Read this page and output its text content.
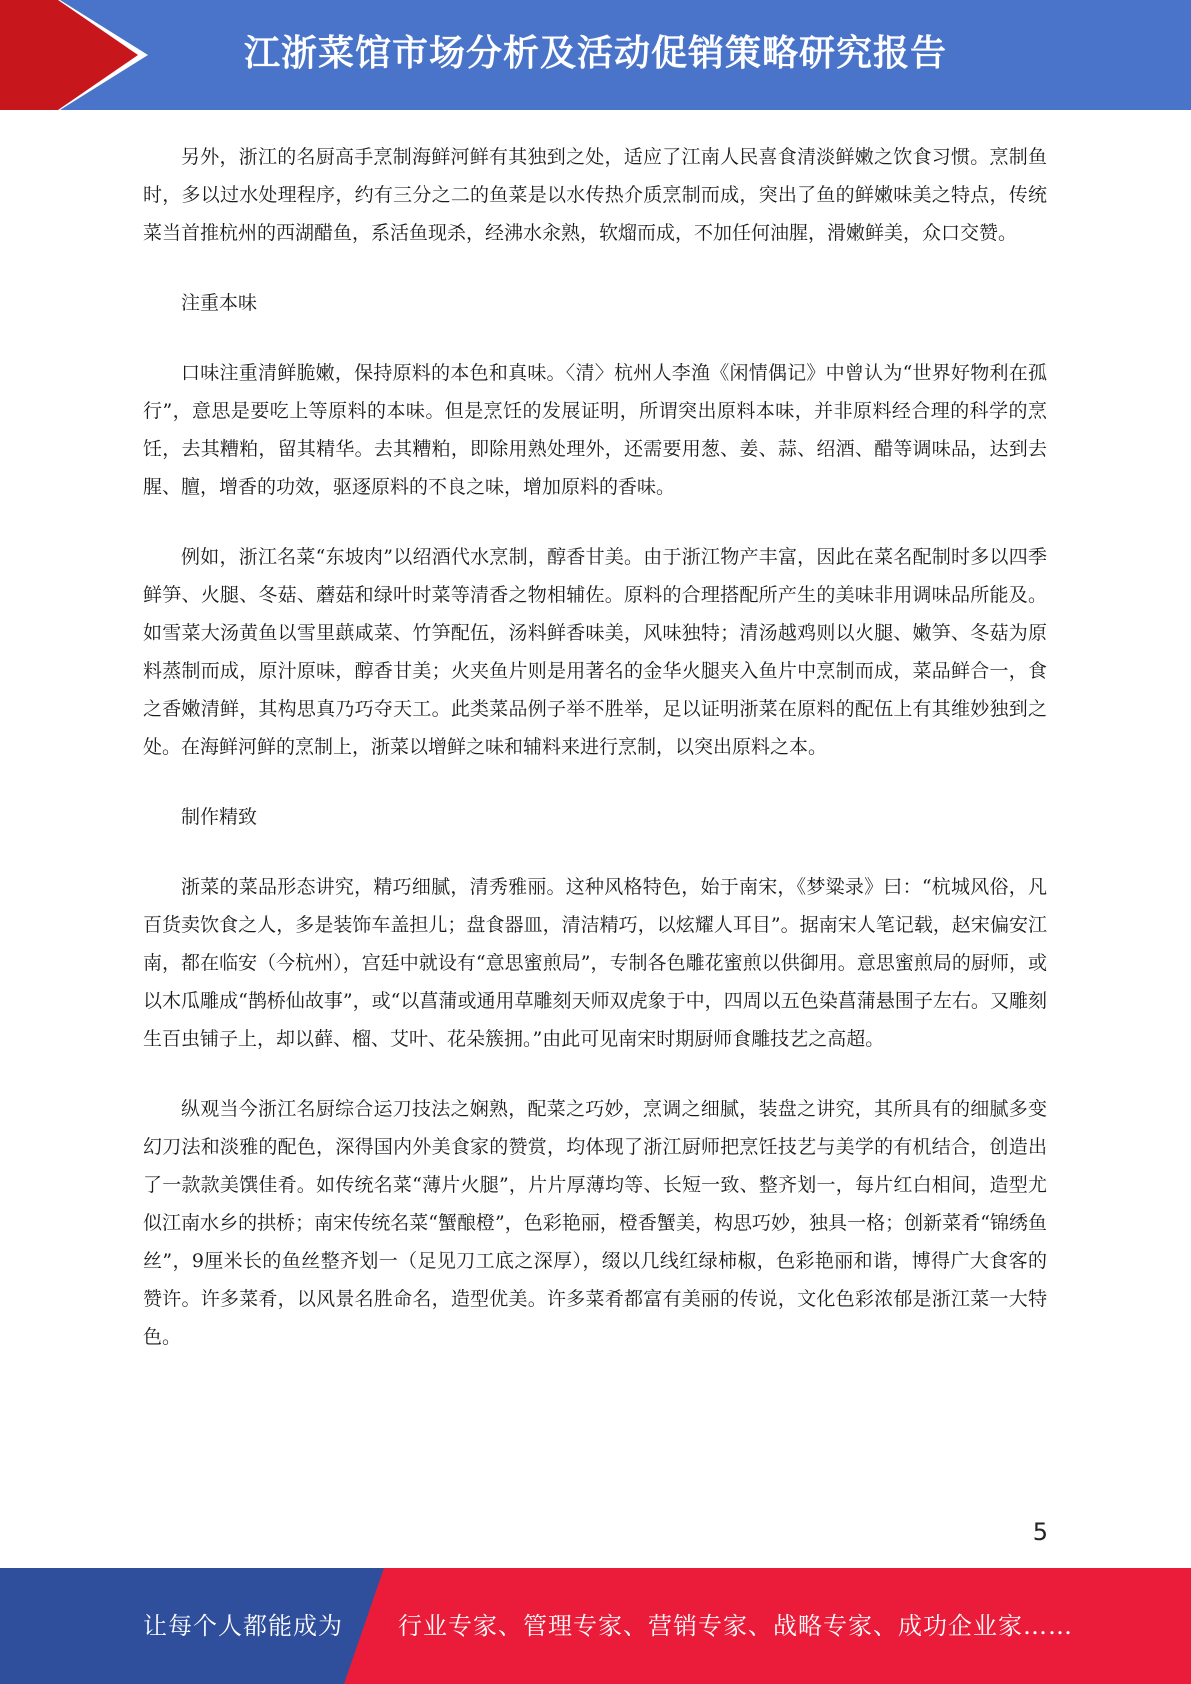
江浙菜馆市场分析及活动促销策略研究报告

另外，浙江的名厨高手烹制海鲜河鲜有其独到之处，适应了江南人民喜食清淡鲜嫩之饮食习惯。烹制鱼时，多以过水处理程序，约有三分之二的鱼菜是以水传热介质烹制而成，突出了鱼的鲜嫩味美之特点，传统菜当首推杭州的西湖醋鱼，系活鱼现杀，经沸水汆熟，软熘而成，不加任何油腥，滑嫩鲜美，众口交赞。

注重本味

口味注重清鲜脆嫩，保持原料的本色和真味。〈清〉杭州人李渔《闲情偶记》中曾认为“世界好物利在孤行”，意思是要吃上等原料的本味。但是烹饪的发展证明，所谓突出原料本味，并非原料经合理的科学的烹饪，去其糟粕，留其精华。去其糟粕，即除用熟处理外，还需要用葱、姜、蒜、绍酒、醋等调味品，达到去腥、膻，增香的功效，驱逐原料的不良之味，增加原料的香味。

例如，浙江名菜“东坡肉”以绍酒代水烹制，醇香甘美。由于浙江物产丰富，因此在菜名配制时多以四季鲜笋、火腿、冬菇、蘑菇和绿叶时菜等清香之物相辅佐。原料的合理搭配所产生的美味非用调味品所能及。如雪菜大汤黄鱼以雪里蕻咸菜、竹笋配伍，汤料鲜香味美，风味独特；清汤越鸡则以火腿、嫩笋、冬菇为原料蒸制而成，原汁原味，醇香甘美；火夹鱼片则是用著名的金华火腿夹入鱼片中烹制而成，菜品鲜合一，食之香嫩清鲜，其构思真乃巧夺天工。此类菜品例子举不胜举，足以证明浙菜在原料的配伍上有其维妙独到之处。在海鲜河鲜的烹制上，浙菜以增鲜之味和辅料来进行烹制，以突出原料之本。

制作精致

浙菜的菜品形态讲究，精巧细腻，清秀雅丽。这种风格特色，始于南宋，《梦粱录》曰：“杭城风俗，凡百货卖饮食之人，多是装饰车盖担儿；盘食器皿，清洁精巧，以炫耀人耳目”。据南宋人笔记载，赵宋偏安江南，都在临安（今杭州），宫廷中就设有“意思蜜煎局”，专制各色雕花蜜煎以供御用。意思蜜煎局的厨师，或以木瓜雕成“鹊桥仙故事”，或“以菖蒲或通用草雕刻天师双虎象于中，四周以五色染菖蒲悬围子左右。又雕刻生百虫铺子上，却以藓、榴、艾叶、花朵簇拥。”由此可见南宋时期厨师食雕技艺之高超。

纵观当今浙江名厨综合运刀技法之娴熟，配菜之巧妙，烹调之细腻，装盘之讲究，其所具有的细腻多变幻刀法和淡雅的配色，深得国内外美食家的赞赏，均体现了浙江厨师把烹饪技艺与美学的有机结合，创造出了一款款美馔佳肴。如传统名菜“薄片火腿”，片片厚薄均等、长短一致、整齐划一，每片红白相间，造型尤似江南水乡的拱桥；南宋传统名菜“蟹酿橙”，色彩艳丽，橙香蟹美，构思巧妙，独具一格；创新菜肴“锦绣鱼丝”，9厘米长的鱼丝整齐划一（足见刀工底之深厚），缀以几线红绿柿椒，色彩艳丽和谐，博得广大食客的赞许。许多菜肴，以风景名胜命名，造型优美。许多菜肴都富有美丽的传说，文化色彩浓郁是浙江菜一大特色。

5
让每个人都能成为 行业专家、管理专家、营销专家、战略专家、成功企业家……
